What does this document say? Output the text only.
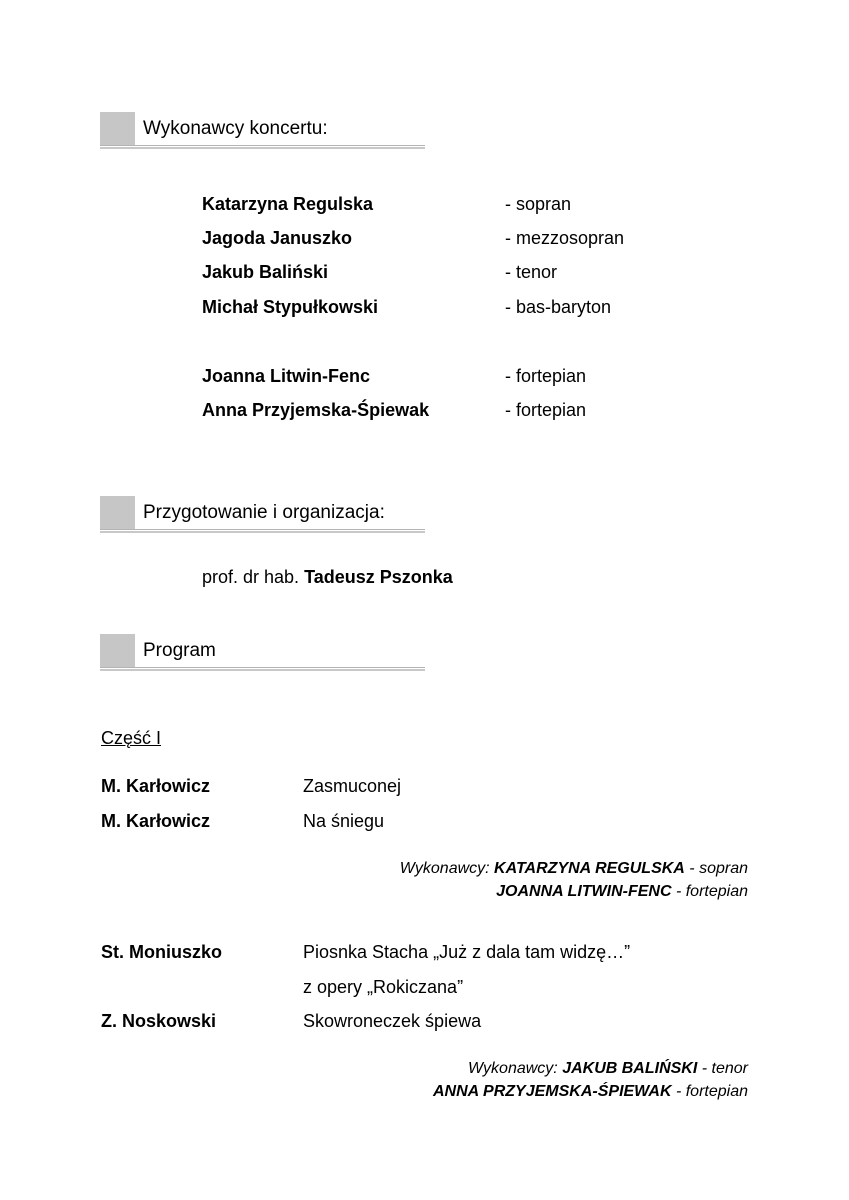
Wykonawcy koncertu:
Katarzyna Regulska	- sopran
Jagoda Januszko	- mezzosopran
Jakub Baliński	- tenor
Michał Stypułkowski	- bas-baryton
Joanna Litwin-Fenc	- fortepian
Anna Przyjemska-Śpiewak	- fortepian
Przygotowanie i organizacja:
prof. dr hab. Tadeusz Pszonka
Program
Część I
M. Karłowicz	Zasmuconej
M. Karłowicz	Na śniegu
Wykonawcy: KATARZYNA REGULSKA - sopran
JOANNA LITWIN-FENC - fortepian
St. Moniuszko	Piosnka Stacha „Już z dala tam widzę…”
z opery „Rokiczana”
Z. Noskowski	Skowroneczek śpiewa
Wykonawcy: JAKUB BALIŃSKI - tenor
ANNA PRZYJEMSKA-ŚPIEWAK - fortepian
